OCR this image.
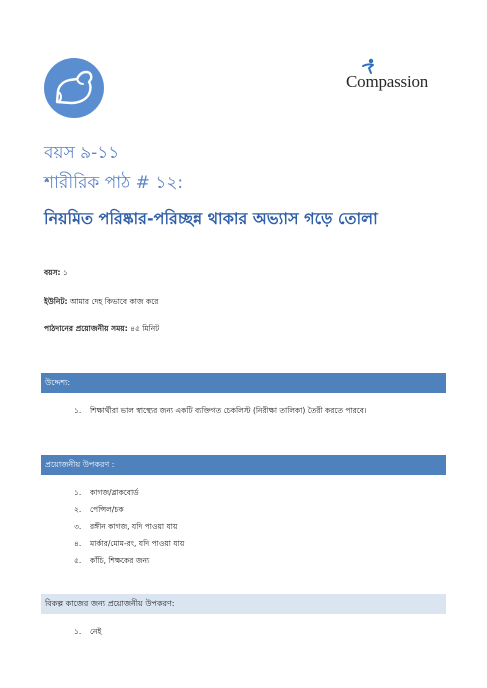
Compassion
বয়স ৯-১১
শারীরিক পাঠ # ১২:
নিয়মিত পরিষ্কার-পরিচ্ছন্ন থাকার অভ্যাস গড়ে তোলা
বয়স: ১
ইউনিট: আমার দেহ কিভাবে কাজ করে
পাঠদানের প্রয়োজনীয় সময়: ৪৫ মিনিট
উদ্দেশ্য:
১. শিক্ষার্থীরা ভাল স্বাস্থ্যের জন্য একটি ব্যক্তিগত চেকলিস্ট (নিরীক্ষা তালিকা) তৈরী করতে পারবে।
প্রয়োজনীয় উপকরণ :
১. কাগজ/ব্লাকবোর্ড
২. পেন্সিল/চক
৩. রঙ্গীন কাগজ, যদি পাওয়া যায়
৪. মার্কার/মোম-রং, যদি পাওয়া যায়
৫. কাঁচি, শিক্ষকের জন্য
বিকল্প কাজের জন্য প্রয়োজনীয় উপকরণ:
১. নেই
